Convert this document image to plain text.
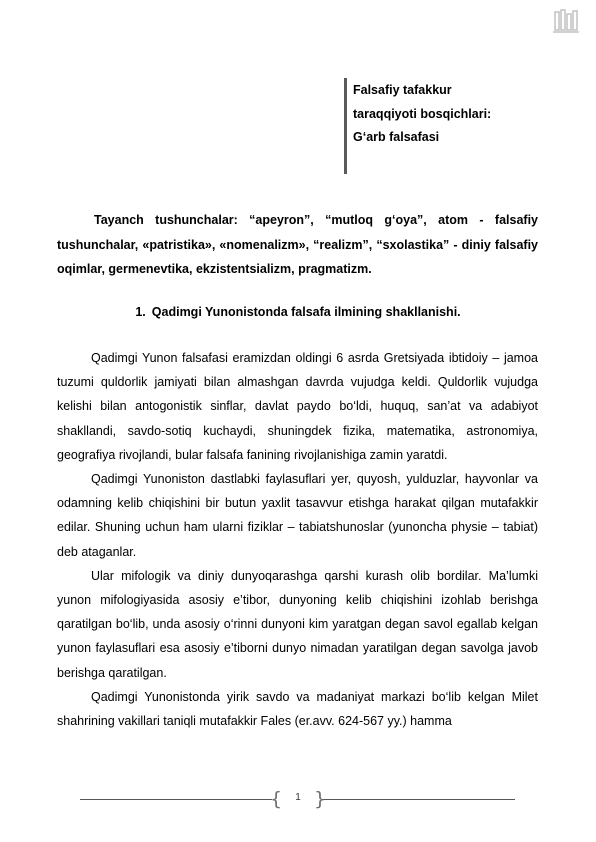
Falsafiy tafakkur
taraqqiyoti bosqichlari:
G‘arb falsafasi

Tayanch tushunchalar: “apeyron”, “mutloq g‘oya”, atom - falsafiy tushunchalar, «patristika», «nomenalizm», “realizm”, “sxolastika” - diniy falsafiy oqimlar, germenevtika, ekzistentsializm, pragmatizm.

1. Qadimgi Yunonistonda falsafa ilmining shakllanishi.

Qadimgi Yunon falsafasi eramizdan oldingi 6 asrda Gretsiyada ibtidoiy – jamoa tuzumi quldorlik jamiyati bilan almashgan davrda vujudga keldi. Quldorlik vujudga kelishi bilan antogonistik sinflar, davlat paydo bo‘ldi, huquq, san’at va adabiyot shakllandi, savdo-sotiq kuchaydi, shuningdek fizika, matematika, astronomiya, geografiya rivojlandi, bular falsafa fanining rivojlanishiga zamin yaratdi.

Qadimgi Yunoniston dastlabki faylasuflari yer, quyosh, yulduzlar, hayvonlar va odamning kelib chiqishini bir butun yaxlit tasavvur etishga harakat qilgan mutafakkir edilar. Shuning uchun ham ularni fiziklar – tabiatshunoslar (yunoncha physie – tabiat) deb ataganlar.

Ular mifologik va diniy dunyoqarashga qarshi kurash olib bordilar. Ma’lumki yunon mifologiyasida asosiy e’tibor, dunyoning kelib chiqishini izohlab berishga qaratilgan bo‘lib, unda asosiy o‘rinni dunyoni kim yaratgan degan savol egallab kelgan yunon faylasuflari esa asosiy e’tiborni dunyo nimadan yaratilgan degan savolga javob berishga qaratilgan.

Qadimgi Yunonistonda yirik savdo va madaniyat markazi bo‘lib kelgan Milet shahrining vakillari taniqli mutafakkir Fales (er.avv. 624-567 yy.) hamma

{ }
1
